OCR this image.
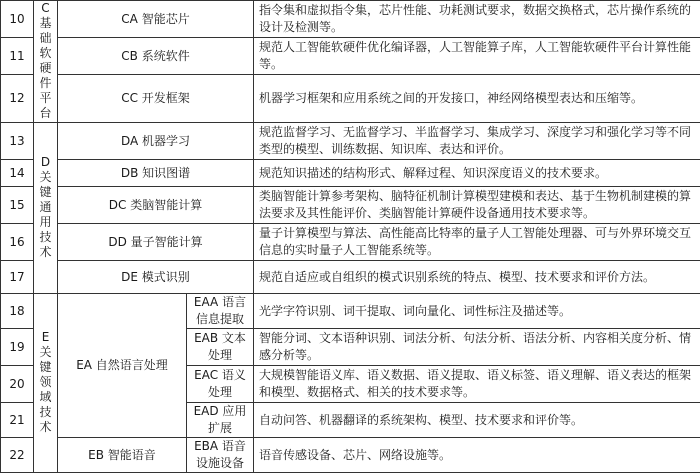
10	C基础软硬件平台	CA 智能芯片		指令集和虚拟指令集，芯片性能、功耗测试要求，数据交换格式，芯片操作系统的设计及检测等。
11		CB 系统软件		规范人工智能软硬件优化编译器，人工智能算子库，人工智能软硬件平台计算性能等。
12		CC 开发框架		机器学习框架和应用系统之间的开发接口，神经网络模型表达和压缩等。
13	D关键通用技术	DA 机器学习		规范监督学习、无监督学习、半监督学习、集成学习、深度学习和强化学习等不同类型的模型、训练数据、知识库、表达和评价。
14		DB 知识图谱		规范知识描述的结构形式、解释过程、知识深度语义的技术要求。
15		DC 类脑智能计算		类脑智能计算参考架构、脑特征机制计算模型建模和表达、基于生物机制建模的算法要求及其性能评价、类脑智能计算硬件设备通用技术要求等。
16		DD 量子智能计算		量子计算模型与算法、高性能高比特率的量子人工智能处理器、可与外界环境交互信息的实时量子人工智能系统等。
17		DE 模式识别		规范自适应或自组织的模式识别系统的特点、模型、技术要求和评价方法。
18	E关键领域技术	EA 自然语言处理	EAA 语言信息提取	光学字符识别、词干提取、词向量化、词性标注及描述等。
19			EAB 文本处理	智能分词、文本语种识别、词法分析、句法分析、语法分析、内容相关度分析、情感分析等。
20			EAC 语义处理	大规模智能语义库、语义数据、语义提取、语义标签、语义理解、语义表达的框架和模型、数据格式、相关的技术要求等。
21			EAD 应用扩展	自动问答、机器翻译的系统架构、模型、技术要求和评价等。
22		EB 智能语音	EBA 语音设施设备	语音传感设备、芯片、网络设施等。
